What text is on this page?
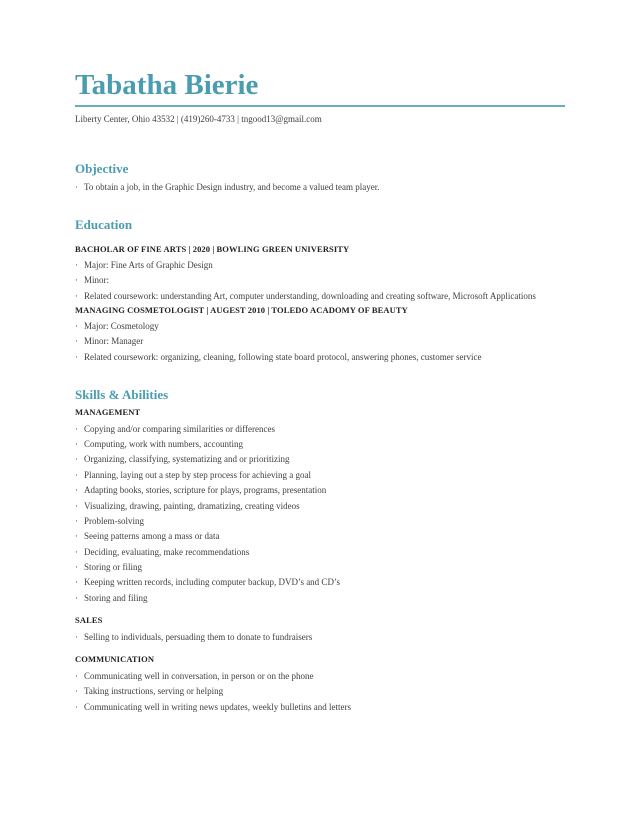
Tabatha Bierie
Liberty Center, Ohio 43532 | (419)260-4733 | tngood13@gmail.com
Objective
· To obtain a job, in the Graphic Design industry, and become a valued team player.
Education
BACHOLAR OF FINE ARTS | 2020 | BOWLING GREEN UNIVERSITY
· Major: Fine Arts of Graphic Design
· Minor:
· Related coursework: understanding Art, computer understanding, downloading and creating software, Microsoft Applications
MANAGING COSMETOLOGIST | AUGEST 2010 | TOLEDO ACADOMY OF BEAUTY
· Major: Cosmetology
· Minor: Manager
· Related coursework: organizing, cleaning, following state board protocol, answering phones, customer service
Skills & Abilities
MANAGEMENT
· Copying and/or comparing similarities or differences
· Computing, work with numbers, accounting
· Organizing, classifying, systematizing and or prioritizing
· Planning, laying out a step by step process for achieving a goal
· Adapting books, stories, scripture for plays, programs, presentation
· Visualizing, drawing, painting, dramatizing, creating videos
· Problem-solving
· Seeing patterns among a mass or data
· Deciding, evaluating, make recommendations
· Storing or filing
· Keeping written records, including computer backup, DVD’s and CD’s
· Storing and filing
SALES
· Selling to individuals, persuading them to donate to fundraisers
COMMUNICATION
· Communicating well in conversation, in person or on the phone
· Taking instructions, serving or helping
· Communicating well in writing news updates, weekly bulletins and letters
